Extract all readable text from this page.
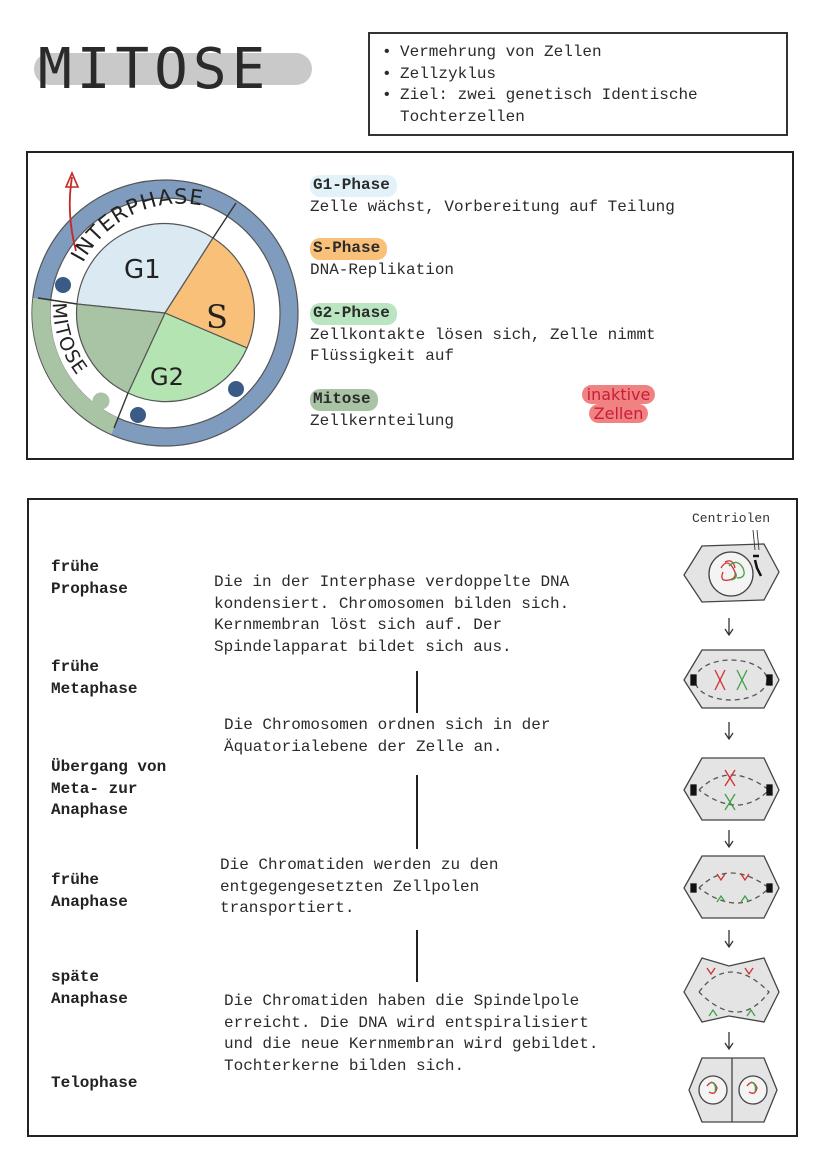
MITOSE	• Vermehrung von Zellen
• Zellzyklus
• Ziel: zwei genetisch Identische Tochterzellen
INTERPHASE
MITOSE
G1
S
G2
G1-Phase
Zelle wächst, Vorbereitung auf Teilung
S-Phase
DNA-Replikation
G2-Phase
Zellkontakte lösen sich, Zelle nimmt
Flüssigkeit auf
Mitose
Zellkernteilung
inaktive
Zellen
Centriolen
frühe
Prophase
frühe
Metaphase
Übergang von
Meta- zur
Anaphase
frühe
Anaphase
späte
Anaphase
Telophase
Die in der Interphase verdoppelte DNA
kondensiert. Chromosomen bilden sich.
Kernmembran löst sich auf. Der
Spindelapparat bildet sich aus.
Die Chromosomen ordnen sich in der
Äquatorialebene der Zelle an.
Die Chromatiden werden zu den
entgegengesetzten Zellpolen
transportiert.
Die Chromatiden haben die Spindelpole
erreicht. Die DNA wird entspiralisiert
und die neue Kernmembran wird gebildet.
Tochterkerne bilden sich.
